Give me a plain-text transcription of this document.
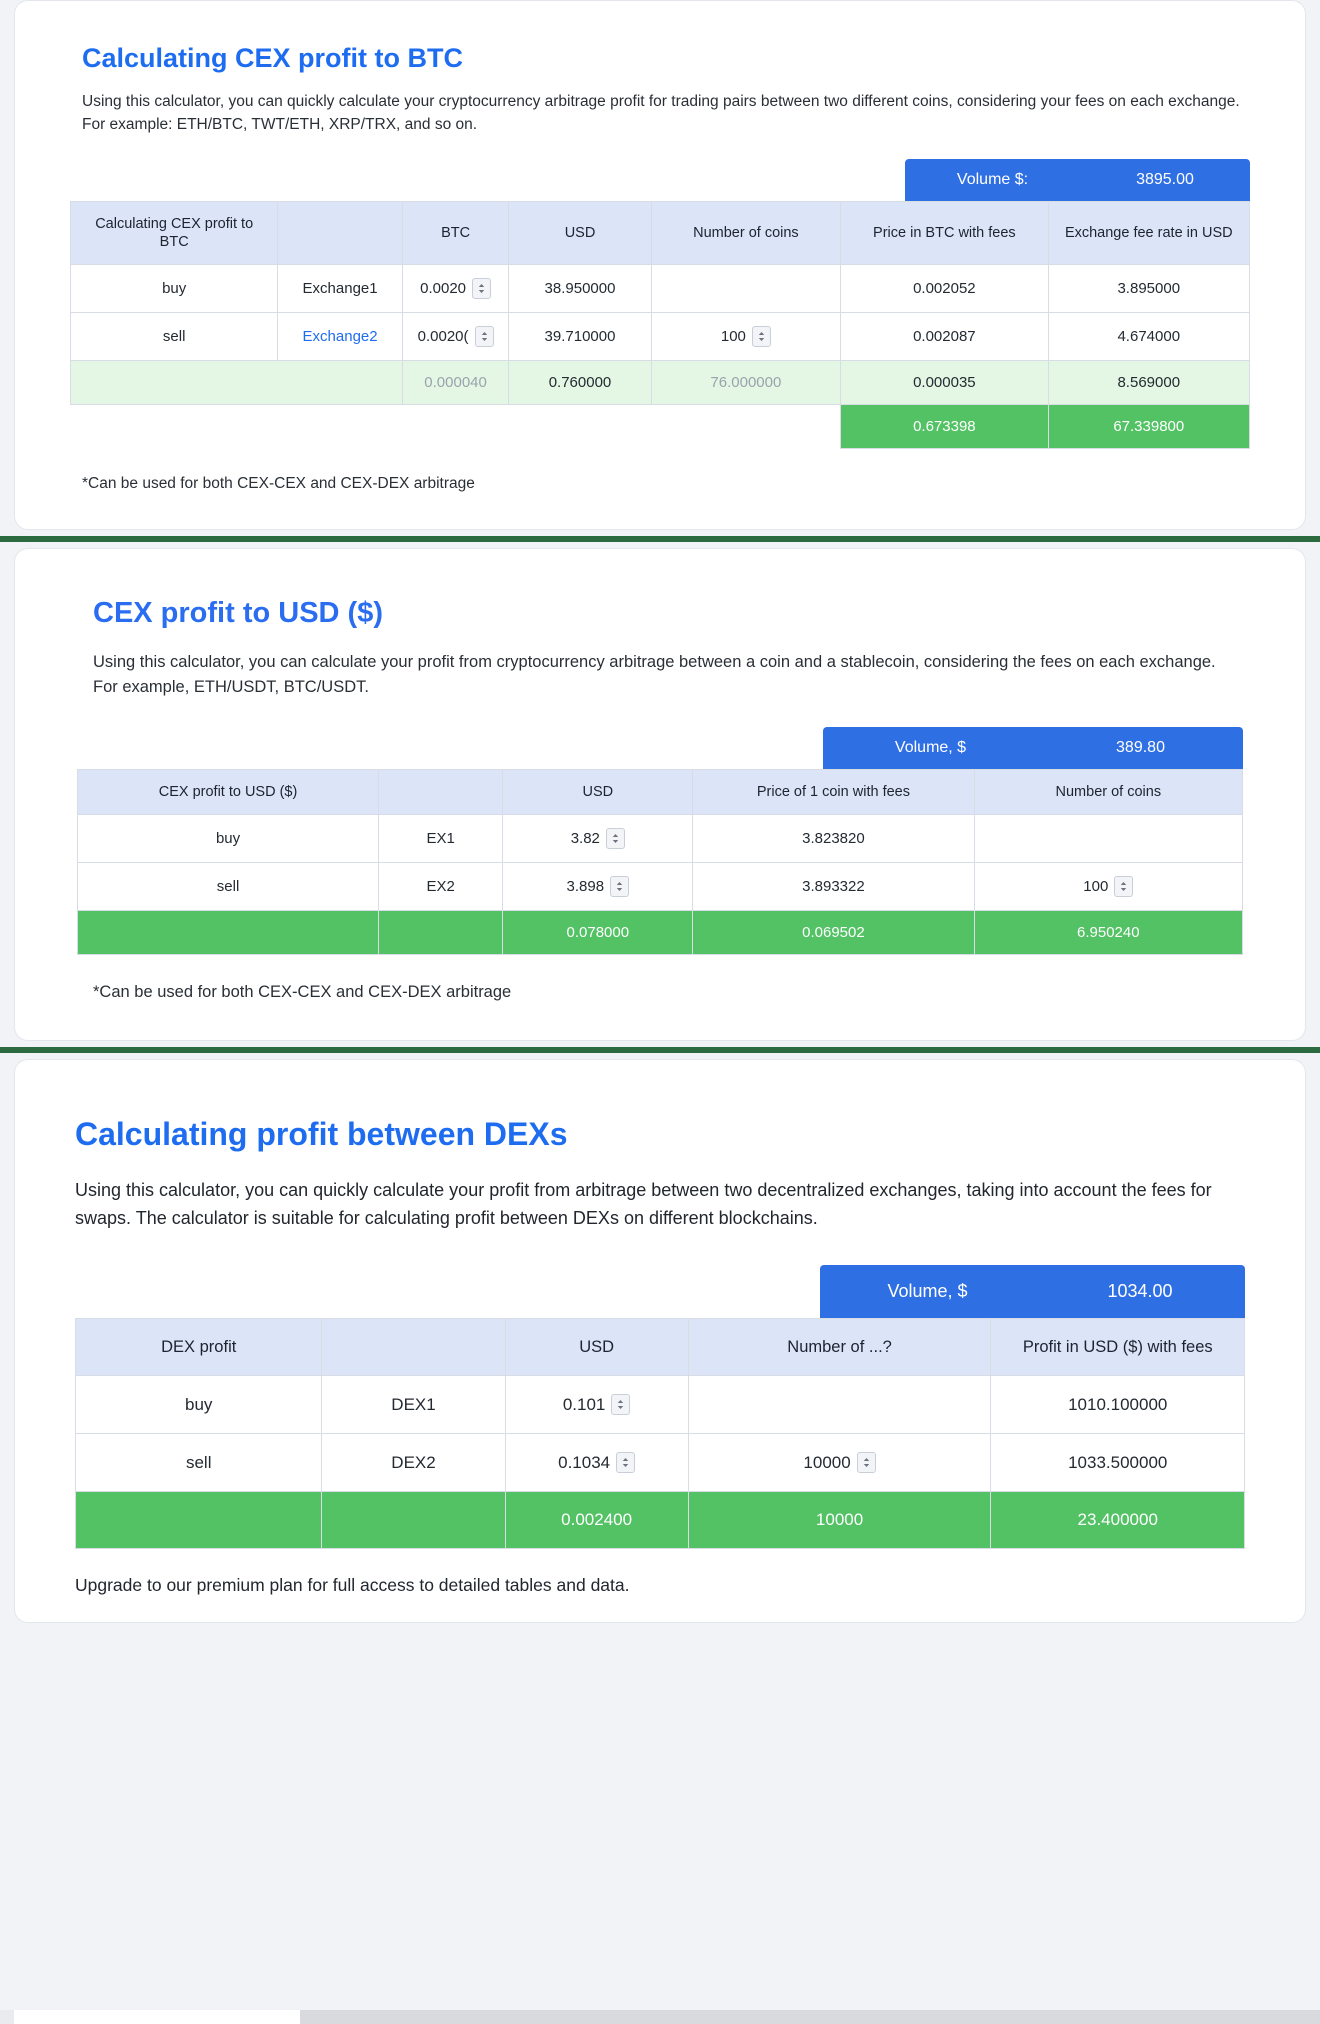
Calculating CEX profit to BTC

Using this calculator, you can quickly calculate your cryptocurrency arbitrage profit for trading pairs between two different coins, considering your fees on each exchange. For example: ETH/BTC, TWT/ETH, XRP/TRX, and so on.

Volume $:	3895.00
Calculating CEX profit to BTC		BTC	USD	Number of coins	Price in BTC with fees	Exchange fee rate in USD
buy	Exchange1	0.0020	38.950000		0.002052	3.895000
sell	Exchange2	0.0020(	39.710000	100	0.002087	4.674000
		0.000040	0.760000	76.000000	0.000035	8.569000
					0.673398	67.339800

*Can be used for both CEX-CEX and CEX-DEX arbitrage

CEX profit to USD ($)

Using this calculator, you can calculate your profit from cryptocurrency arbitrage between a coin and a stablecoin, considering the fees on each exchange. For example, ETH/USDT, BTC/USDT.

Volume, $	389.80
CEX profit to USD ($)		USD	Price of 1 coin with fees	Number of coins
buy	EX1	3.82	3.823820	
sell	EX2	3.898	3.893322	100

		0.078000	0.069502	6.950240

*Can be used for both CEX-CEX and CEX-DEX arbitrage

Calculating profit between DEXs

Using this calculator, you can quickly calculate your profit from arbitrage between two decentralized exchanges, taking into account the fees for swaps. The calculator is suitable for calculating profit between DEXs on different blockchains.

Volume, $	1034.00
DEX profit		USD	Number of ...?	Profit in USD ($) with fees
buy	DEX1	0.101		1010.100000
sell	DEX2	0.1034	10000	1033.500000
		0.002400	10000	23.400000

Upgrade to our premium plan for full access to detailed tables and data.
